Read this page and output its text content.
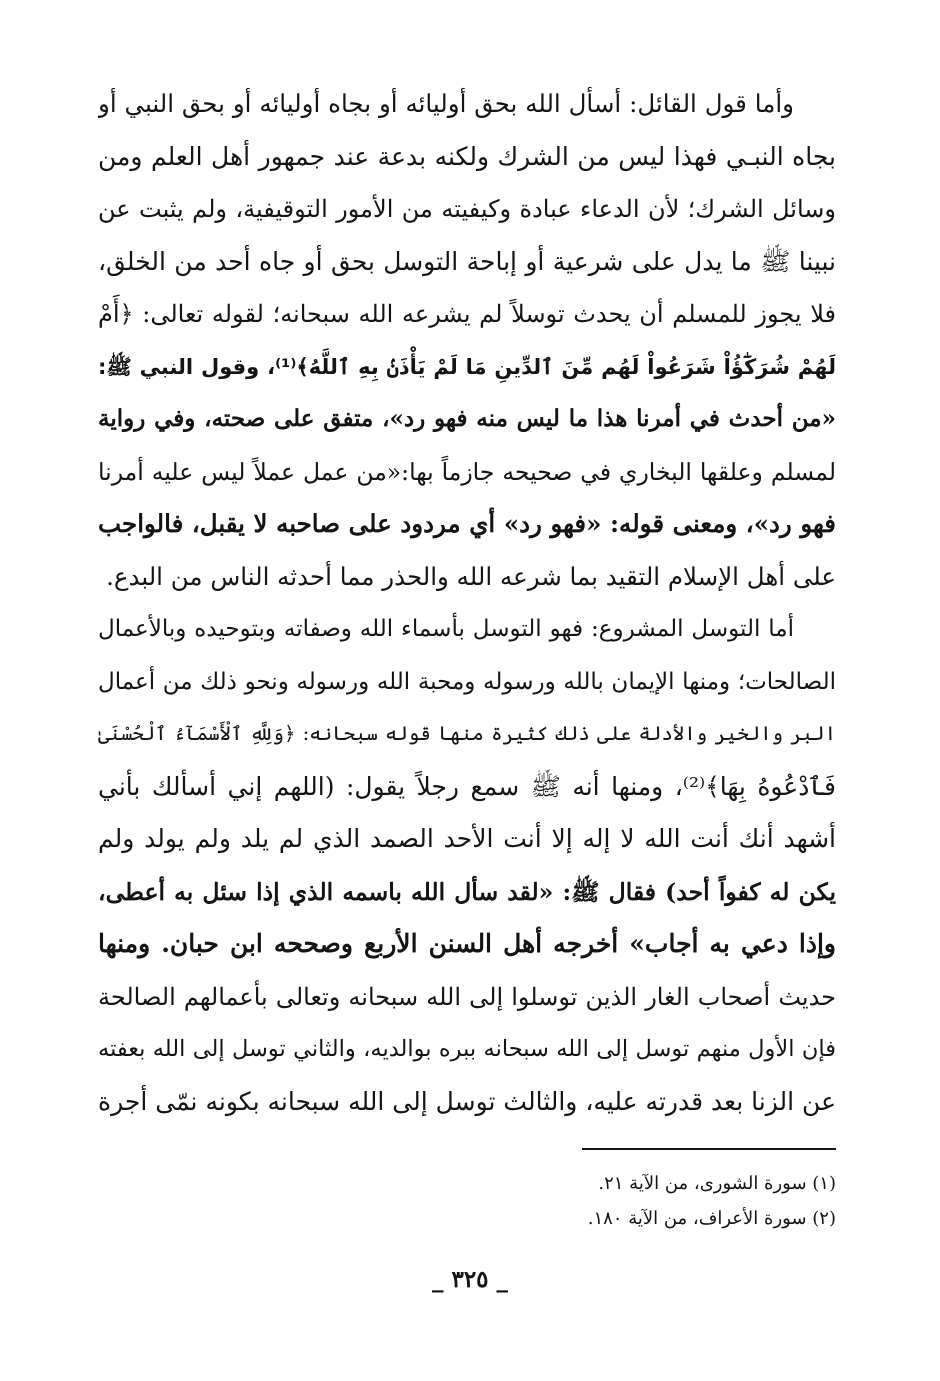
وأما قول القائل: أسأل الله بحق أوليائه أو بجاه أوليائه أو بحق النبي أو
بجاه النبـي فهذا ليس من الشرك ولكنه بدعة عند جمهور أهل العلم ومن
وسائل الشرك؛ لأن الدعاء عبادة وكيفيته من الأمور التوقيفية، ولم يثبت عن
نبينا ﷺ ما يدل على شرعية أو إباحة التوسل بحق أو جاه أحد من الخلق،
فلا يجوز للمسلم أن يحدث توسلاً لم يشرعه الله سبحانه؛ لقوله تعالى: ﴿أَمْ
لَهُمْ شُرَكَٰٓؤُاْ شَرَعُواْ لَهُم مِّنَ ٱلدِّينِ مَا لَمْ يَأْذَنۢ بِهِ ٱللَّهُ﴾⁽¹⁾، وقول النبي ﷺ:
«من أحدث في أمرنا هذا ما ليس منه فهو رد»، متفق على صحته، وفي رواية
لمسلم وعلقها البخاري في صحيحه جازماً بها:«من عمل عملاً ليس عليه أمرنا
فهو رد»، ومعنى قوله: «فهو رد» أي مردود على صاحبه لا يقبل، فالواجب
على أهل الإسلام التقيد بما شرعه الله والحذر مما أحدثه الناس من البدع.
أما التوسل المشروع: فهو التوسل بأسماء الله وصفاته وبتوحيده وبالأعمال
الصالحات؛ ومنها الإيمان بالله ورسوله ومحبة الله ورسوله ونحو ذلك من أعمال
البر والخير والأدلة على ذلك كثيرة منها قوله سبحانه: ﴿وَلِلَّهِ ٱلْأَسْمَآءُ ٱلْحُسْنَىٰ
فَٱدْعُوهُ بِهَا﴾⁽²⁾، ومنها أنه ﷺ سمع رجلاً يقول: (اللهم إني أسألك بأني
أشهد أنك أنت الله لا إله إلا أنت الأحد الصمد الذي لم يلد ولم يولد ولم
يكن له كفواً أحد) فقال ﷺ: «لقد سأل الله باسمه الذي إذا سئل به أعطى،
وإذا دعي به أجاب» أخرجه أهل السنن الأربع وصححه ابن حبان. ومنها
حديث أصحاب الغار الذين توسلوا إلى الله سبحانه وتعالى بأعمالهم الصالحة
فإن الأول منهم توسل إلى الله سبحانه ببره بوالديه، والثاني توسل إلى الله بعفته
عن الزنا بعد قدرته عليه، والثالث توسل إلى الله سبحانه بكونه نمّى أجرة
(١) سورة الشورى، من الآية ٢١.
(٢) سورة الأعراف، من الآية ١٨٠.
_ ٣٢٥ _
